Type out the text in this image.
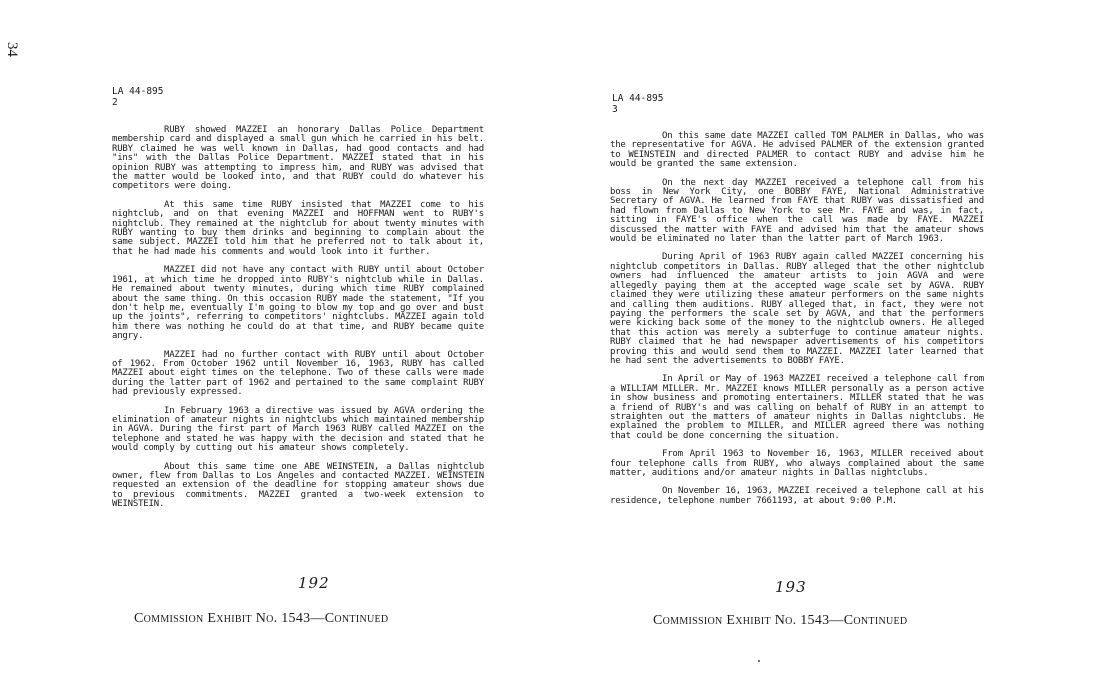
34
LA 44-895
2

RUBY showed MAZZEI an honorary Dallas Police Department membership card and displayed a small gun which he carried in his belt. RUBY claimed he was well known in Dallas, had good contacts and had "ins" with the Dallas Police Department. MAZZEI stated that in his opinion RUBY was attempting to impress him, and RUBY was advised that the matter would be looked into, and that RUBY could do whatever his competitors were doing.

At this same time RUBY insisted that MAZZEI come to his nightclub, and on that evening MAZZEI and HOFFMAN went to RUBY's nightclub. They remained at the nightclub for about twenty minutes with RUBY wanting to buy them drinks and beginning to complain about the same subject. MAZZEI told him that he preferred not to talk about it, that he had made his comments and would look into it further.

MAZZEI did not have any contact with RUBY until about October 1961, at which time he dropped into RUBY's nightclub while in Dallas. He remained about twenty minutes, during which time RUBY complained about the same thing. On this occasion RUBY made the statement, "If you don't help me, eventually I'm going to blow my top and go over and bust up the joints", referring to competitors' nightclubs. MAZZEI again told him there was nothing he could do at that time, and RUBY became quite angry.

MAZZEI had no further contact with RUBY until about October of 1962. From October 1962 until November 16, 1963, RUBY has called MAZZEI about eight times on the telephone. Two of these calls were made during the latter part of 1962 and pertained to the same complaint RUBY had previously expressed.

In February 1963 a directive was issued by AGVA ordering the elimination of amateur nights in nightclubs which maintained membership in AGVA. During the first part of March 1963 RUBY called MAZZEI on the telephone and stated he was happy with the decision and stated that he would comply by cutting out his amateur shows completely.

About this same time one ABE WEINSTEIN, a Dallas nightclub owner, flew from Dallas to Los Angeles and contacted MAZZEI. WEINSTEIN requested an extension of the deadline for stopping amateur shows due to previous commitments. MAZZEI granted a two-week extension to WEINSTEIN.

192
Commission Exhibit No. 1543—Continued
LA 44-895
3

On this same date MAZZEI called TOM PALMER in Dallas, who was the representative for AGVA. He advised PALMER of the extension granted to WEINSTEIN and directed PALMER to contact RUBY and advise him he would be granted the same extension.

On the next day MAZZEI received a telephone call from his boss in New York City, one BOBBY FAYE, National Administrative Secretary of AGVA. He learned from FAYE that RUBY was dissatisfied and had flown from Dallas to New York to see Mr. FAYE and was, in fact, sitting in FAYE's office when the call was made by FAYE. MAZZEI discussed the matter with FAYE and advised him that the amateur shows would be eliminated no later than the latter part of March 1963.

During April of 1963 RUBY again called MAZZEI concerning his nightclub competitors in Dallas. RUBY alleged that the other nightclub owners had influenced the amateur artists to join AGVA and were allegedly paying them at the accepted wage scale set by AGVA. RUBY claimed they were utilizing these amateur performers on the same nights and calling them auditions. RUBY alleged that, in fact, they were not paying the performers the scale set by AGVA, and that the performers were kicking back some of the money to the nightclub owners. He alleged that this action was merely a subterfuge to continue amateur nights. RUBY claimed that he had newspaper advertisements of his competitors proving this and would send them to MAZZEI. MAZZEI later learned that he had sent the advertisements to BOBBY FAYE.

In April or May of 1963 MAZZEI received a telephone call from a WILLIAM MILLER. Mr. MAZZEI knows MILLER personally as a person active in show business and promoting entertainers. MILLER stated that he was a friend of RUBY's and was calling on behalf of RUBY in an attempt to straighten out the matters of amateur nights in Dallas nightclubs. He explained the problem to MILLER, and MILLER agreed there was nothing that could be done concerning the situation.

From April 1963 to November 16, 1963, MILLER received about four telephone calls from RUBY, who always complained about the same matter, auditions and/or amateur nights in Dallas nightclubs.

On November 16, 1963, MAZZEI received a telephone call at his residence, telephone number 7661193, at about 9:00 P.M.

193
Commission Exhibit No. 1543—Continued
